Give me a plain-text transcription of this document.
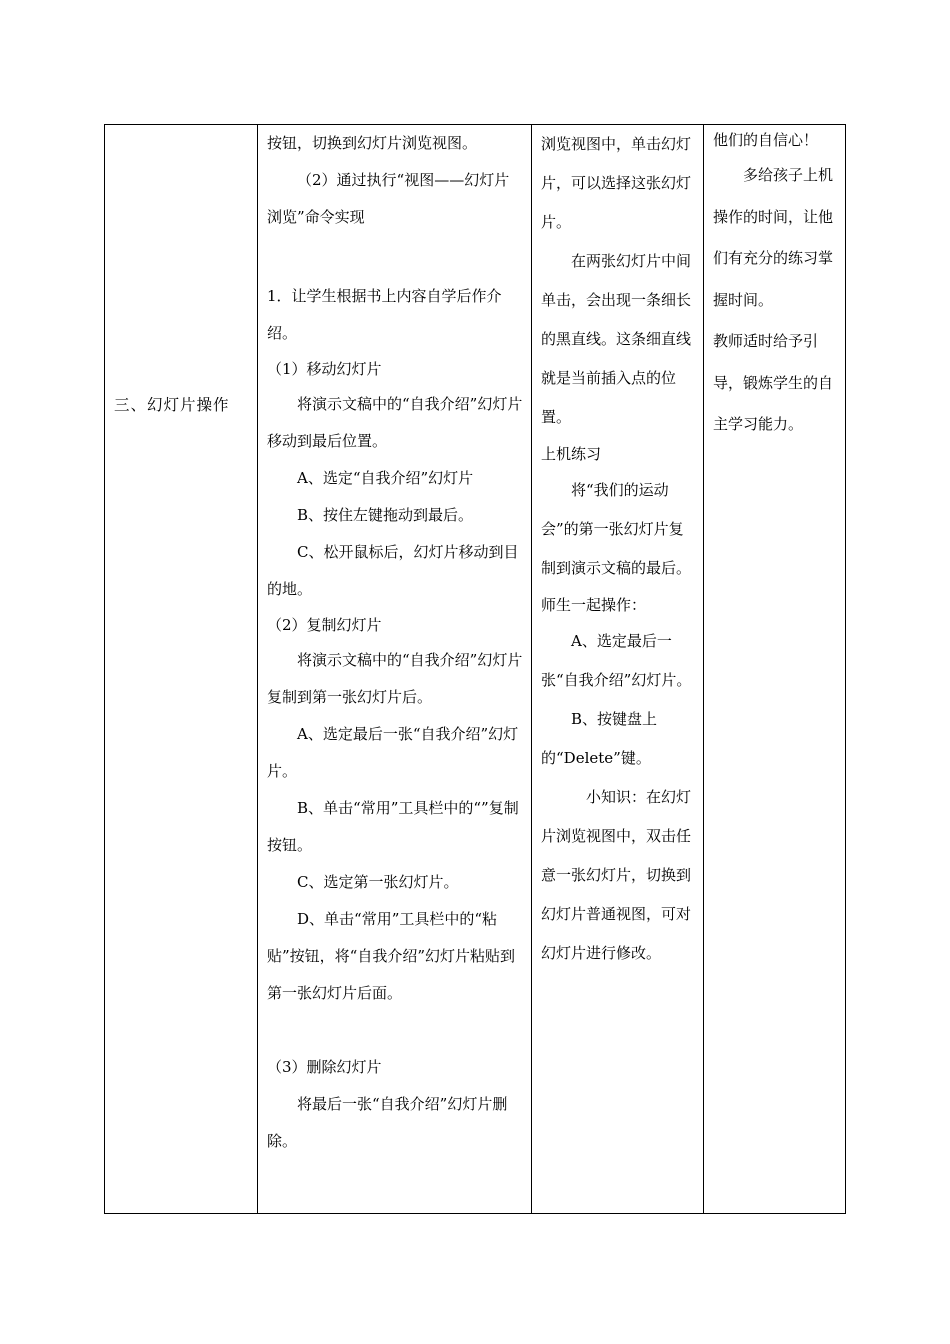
三、幻灯片操作

按钮，切换到幻灯片浏览视图。

（2）通过执行“视图——幻灯片浏览”命令实现

1．让学生根据书上内容自学后作介绍。

（1）移动幻灯片

将演示文稿中的“自我介绍”幻灯片移动到最后位置。

A、选定“自我介绍”幻灯片

B、按住左键拖动到最后。

C、松开鼠标后，幻灯片移动到目的地。

（2）复制幻灯片

将演示文稿中的“自我介绍”幻灯片复制到第一张幻灯片后。

A、选定最后一张“自我介绍”幻灯片。

B、单击“常用”工具栏中的“”复制按钮。

C、选定第一张幻灯片。

D、单击“常用”工具栏中的“粘贴”按钮，将“自我介绍”幻灯片粘贴到第一张幻灯片后面。

（3）删除幻灯片

将最后一张“自我介绍”幻灯片删除。

浏览视图中，单击幻灯片，可以选择这张幻灯片。

在两张幻灯片中间单击，会出现一条细长的黑直线。这条细直线就是当前插入点的位置。

上机练习

将“我们的运动会”的第一张幻灯片复制到演示文稿的最后。

师生一起操作：

A、选定最后一张“自我介绍”幻灯片。

B、按键盘上的“Delete”键。

小知识：在幻灯片浏览视图中，双击任意一张幻灯片，切换到幻灯片普通视图，可对幻灯片进行修改。

他们的自信心！

多给孩子上机操作的时间，让他们有充分的练习掌握时间。

教师适时给予引导，锻炼学生的自主学习能力。
